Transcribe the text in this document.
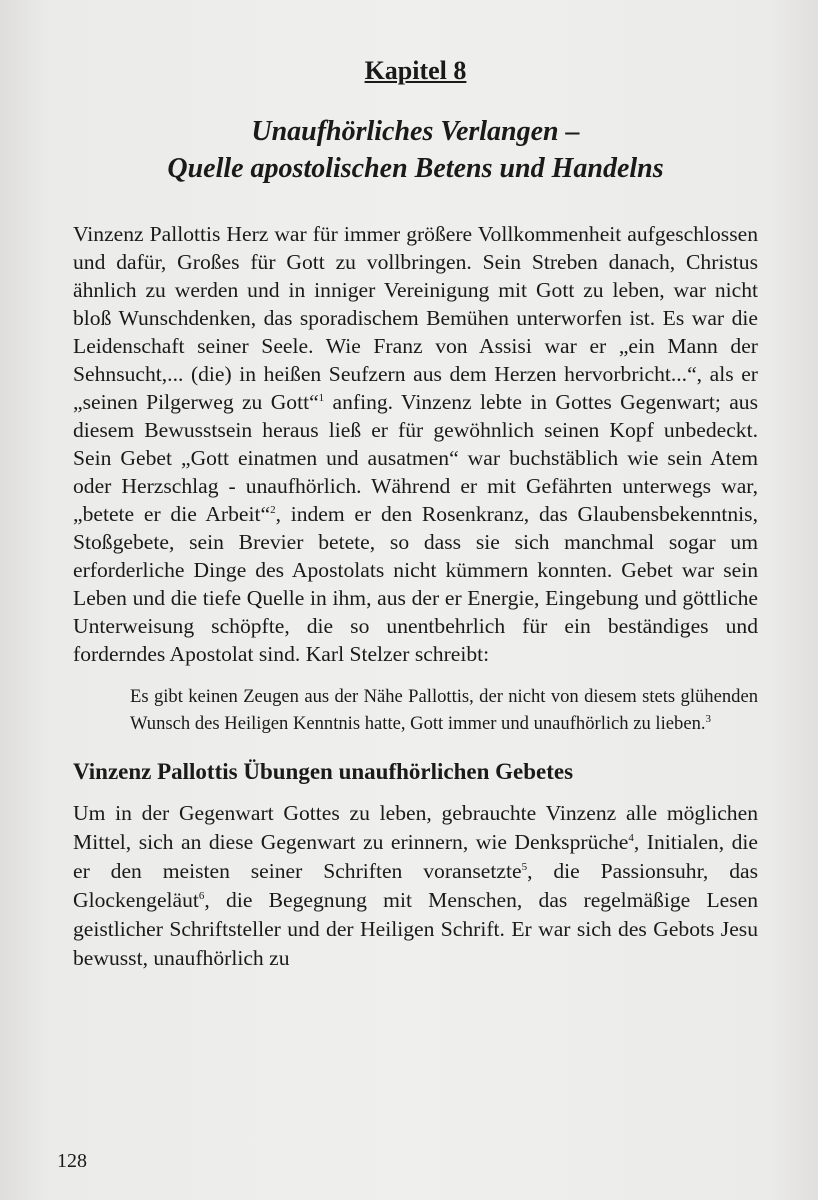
Kapitel 8
Unaufhörliches Verlangen –
Quelle apostolischen Betens und Handelns

Vinzenz Pallottis Herz war für immer größere Vollkommenheit aufgeschlossen und dafür, Großes für Gott zu vollbringen. Sein Streben danach, Christus ähnlich zu werden und in inniger Vereinigung mit Gott zu leben, war nicht bloß Wunschdenken, das sporadischem Bemühen unterworfen ist. Es war die Leidenschaft seiner Seele. Wie Franz von Assisi war er „ein Mann der Sehnsucht,... (die) in heißen Seufzern aus dem Herzen hervorbricht...“, als er „seinen Pilgerweg zu Gott“$^1$ anfing. Vinzenz lebte in Gottes Gegenwart; aus diesem Bewusstsein heraus ließ er für gewöhnlich seinen Kopf unbedeckt. Sein Gebet „Gott einatmen und ausatmen“ war buchstäblich wie sein Atem oder Herzschlag - unaufhörlich. Während er mit Gefährten unterwegs war, „betete er die Arbeit“$^2$, indem er den Rosenkranz, das Glaubensbekenntnis, Stoßgebete, sein Brevier betete, so dass sie sich manchmal sogar um erforderliche Dinge des Apostolats nicht kümmern konnten. Gebet war sein Leben und die tiefe Quelle in ihm, aus der er Energie, Eingebung und göttliche Unterweisung schöpfte, die so unentbehrlich für ein beständiges und forderndes Apostolat sind. Karl Stelzer schreibt:

Es gibt keinen Zeugen aus der Nähe Pallottis, der nicht von diesem stets glühenden Wunsch des Heiligen Kenntnis hatte, Gott immer und unaufhörlich zu lieben.$^3$

Vinzenz Pallottis Übungen unaufhörlichen Gebetes

Um in der Gegenwart Gottes zu leben, gebrauchte Vinzenz alle möglichen Mittel, sich an diese Gegenwart zu erinnern, wie Denksprüche$^4$, Initialen, die er den meisten seiner Schriften voransetzte$^5$, die Passionsuhr, das Glockengeläut$^6$, die Begegnung mit Menschen, das regelmäßige Lesen geistlicher Schriftsteller und der Heiligen Schrift. Er war sich des Gebots Jesu bewusst, unaufhörlich zu

128
